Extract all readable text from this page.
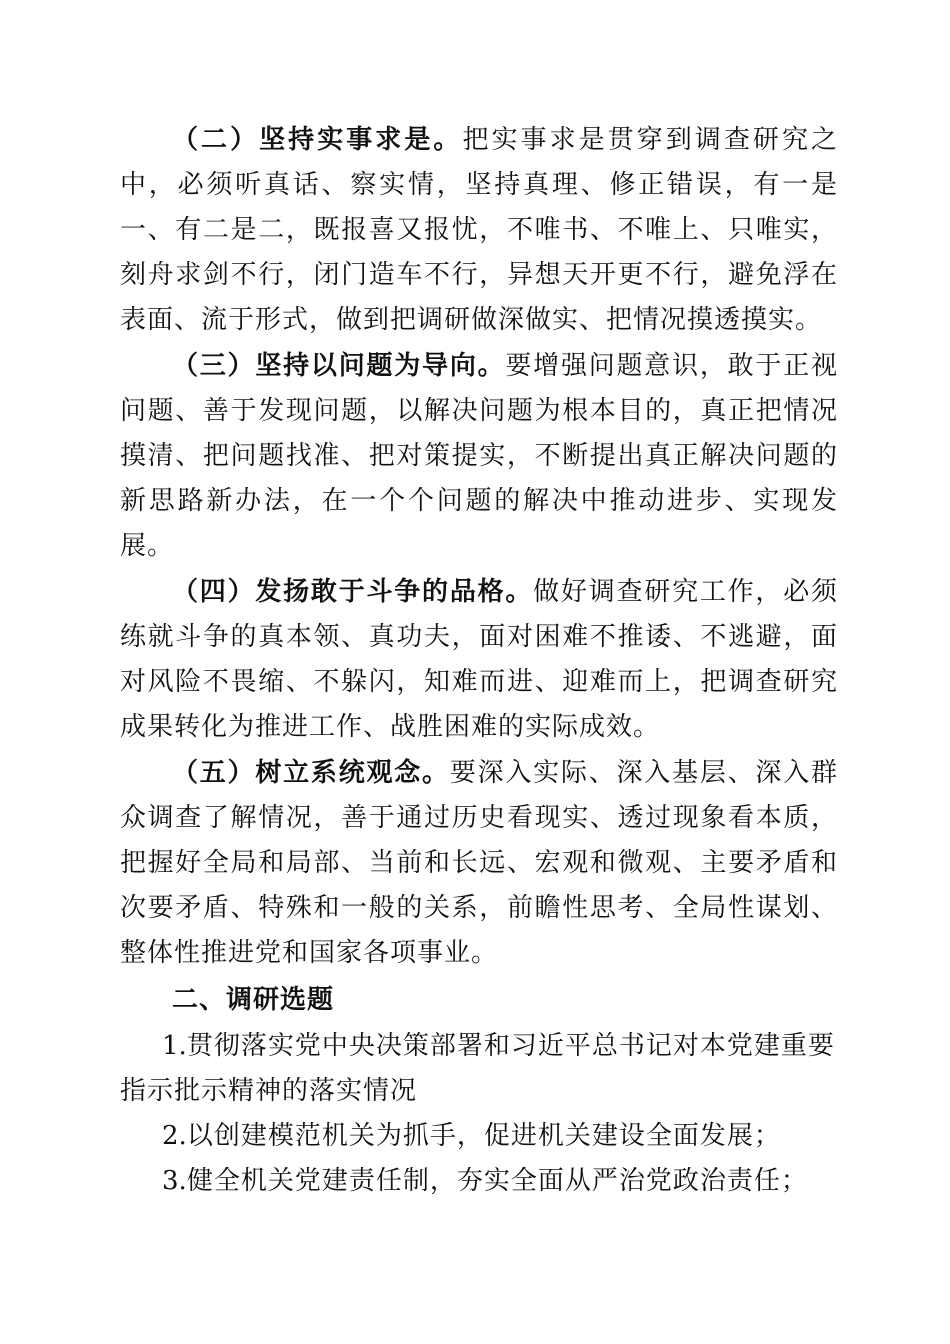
（二）坚持实事求是。把实事求是贯穿到调查研究之中，必须听真话、察实情，坚持真理、修正错误，有一是一、有二是二，既报喜又报忧，不唯书、不唯上、只唯实，刻舟求剑不行，闭门造车不行，异想天开更不行，避免浮在表面、流于形式，做到把调研做深做实、把情况摸透摸实。

（三）坚持以问题为导向。要增强问题意识，敢于正视问题、善于发现问题，以解决问题为根本目的，真正把情况摸清、把问题找准、把对策提实，不断提出真正解决问题的新思路新办法，在一个个问题的解决中推动进步、实现发展。

（四）发扬敢于斗争的品格。做好调查研究工作，必须练就斗争的真本领、真功夫，面对困难不推诿、不逃避，面对风险不畏缩、不躲闪，知难而进、迎难而上，把调查研究成果转化为推进工作、战胜困难的实际成效。

（五）树立系统观念。要深入实际、深入基层、深入群众调查了解情况，善于通过历史看现实、透过现象看本质，把握好全局和局部、当前和长远、宏观和微观、主要矛盾和次要矛盾、特殊和一般的关系，前瞻性思考、全局性谋划、整体性推进党和国家各项事业。

二、调研选题

1.贯彻落实党中央决策部署和习近平总书记对本党建重要指示批示精神的落实情况

2.以创建模范机关为抓手，促进机关建设全面发展；

3.健全机关党建责任制，夯实全面从严治党政治责任；
